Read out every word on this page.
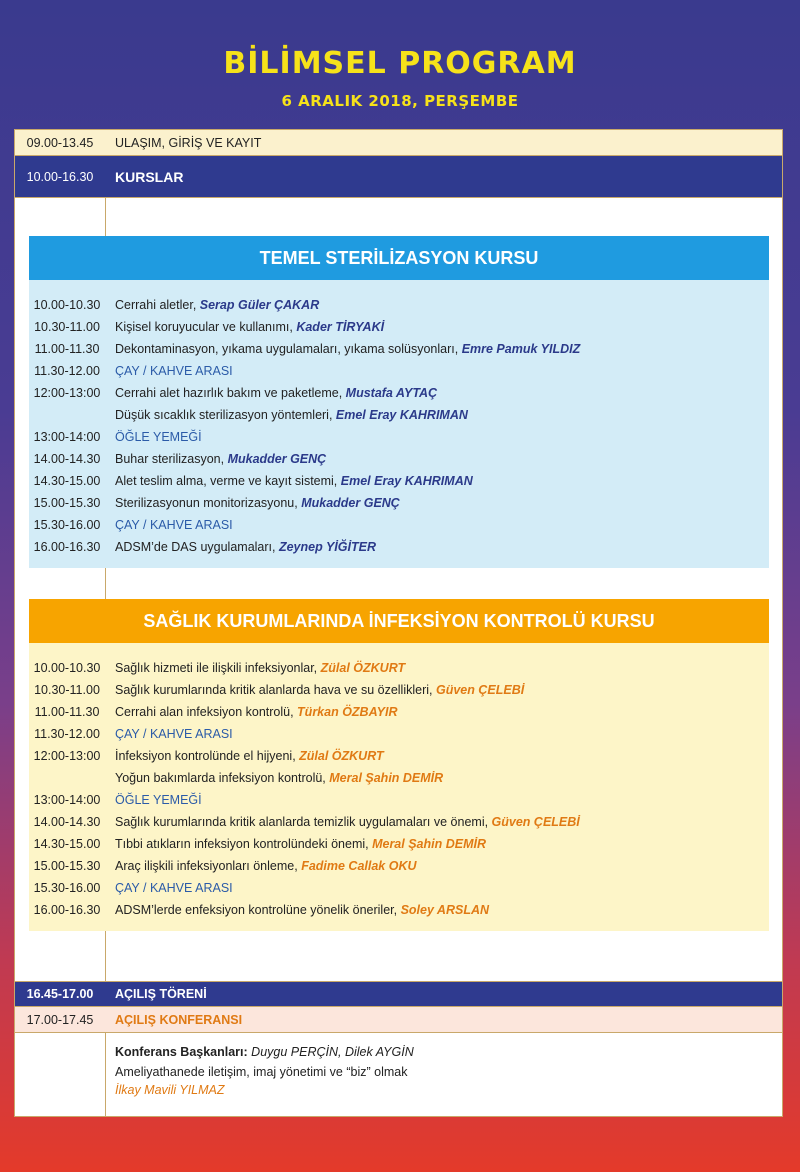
BİLİMSEL PROGRAM
6 ARALIK 2018, PERŞEMBE
09.00-13.45	ULAŞIM, GİRİŞ VE KAYIT
10.00-16.30	KURSLAR
TEMEL STERİLİZASYON KURSU
10.00-10.30	Cerrahi aletler, Serap Güler ÇAKAR
10.30-11.00	Kişisel koruyucular ve kullanımı, Kader TİRYAKİ
11.00-11.30	Dekontaminasyon, yıkama uygulamaları, yıkama solüsyonları, Emre Pamuk YILDIZ
11.30-12.00	ÇAY / KAHVE ARASI
12:00-13:00	Cerrahi alet hazırlık bakım ve paketleme, Mustafa AYTAÇ
Düşük sıcaklık sterilizasyon yöntemleri, Emel Eray KAHRIMAN
13:00-14:00	ÖĞLE YEMEĞİ
14.00-14.30	Buhar sterilizasyon, Mukadder GENÇ
14.30-15.00	Alet teslim alma, verme ve kayıt sistemi, Emel Eray KAHRIMAN
15.00-15.30	Sterilizasyonun monitorizasyonu, Mukadder GENÇ
15.30-16.00	ÇAY / KAHVE ARASI
16.00-16.30	ADSM’de DAS uygulamaları, Zeynep YİĞİTER
SAĞLIK KURUMLARINDA İNFEKSİYON KONTROLÜ KURSU
10.00-10.30	Sağlık hizmeti ile ilişkili infeksiyonlar, Zülal ÖZKURT
10.30-11.00	Sağlık kurumlarında kritik alanlarda hava ve su özellikleri, Güven ÇELEBİ
11.00-11.30	Cerrahi alan infeksiyon kontrolü, Türkan ÖZBAYIR
11.30-12.00	ÇAY / KAHVE ARASI
12:00-13:00	İnfeksiyon kontrolünde el hijyeni, Zülal ÖZKURT
Yoğun bakımlarda infeksiyon kontrolü, Meral Şahin DEMİR
13:00-14:00	ÖĞLE YEMEĞİ
14.00-14.30	Sağlık kurumlarında kritik alanlarda temizlik uygulamaları ve önemi, Güven ÇELEBİ
14.30-15.00	Tıbbi atıkların infeksiyon kontrolündeki önemi, Meral Şahin DEMİR
15.00-15.30	Araç ilişkili infeksiyonları önleme, Fadime Callak OKU
15.30-16.00	ÇAY / KAHVE ARASI
16.00-16.30	ADSM’lerde enfeksiyon kontrolüne yönelik öneriler, Soley ARSLAN
16.45-17.00	AÇILIŞ TÖRENİ
17.00-17.45	AÇILIŞ KONFERANSI
Konferans Başkanları: Duygu PERÇİN, Dilek AYGİN
Ameliyathanede iletişim, imaj yönetimi ve “biz” olmak
İlkay Mavili YILMAZ
